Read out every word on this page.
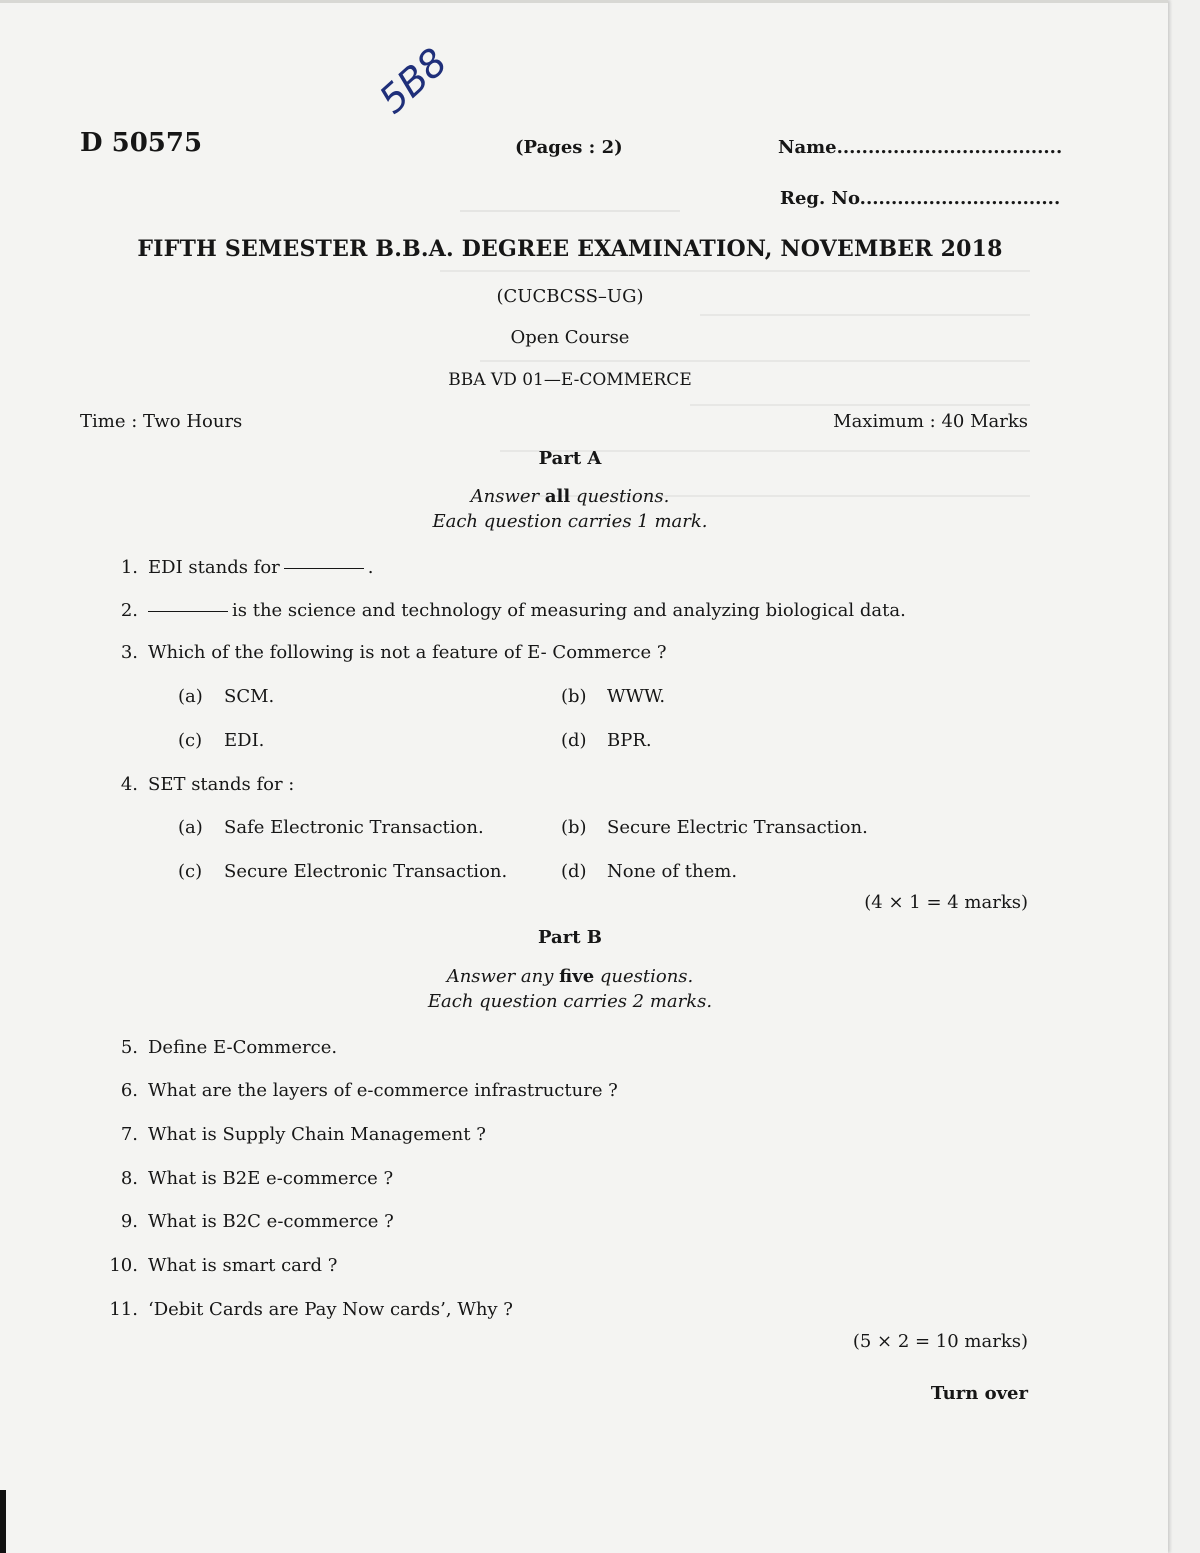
D 50575
5B8
(Pages : 2)	Name....................................
Reg. No................................
FIFTH SEMESTER B.B.A. DEGREE EXAMINATION, NOVEMBER 2018
(CUCBCSS–UG)
Open Course
BBA VD 01—E-COMMERCE
Time : Two Hours	Maximum : 40 Marks
Part A
Answer all questions.
Each question carries 1 mark.
1. EDI stands for	.
2.	is the science and technology of measuring and analyzing biological data.
3. Which of the following is not a feature of E- Commerce ?
(a) SCM.	(b) WWW.
(c) EDI.	(d) BPR.
4. SET stands for :
(a) Safe Electronic Transaction.	(b) Secure Electric Transaction.
(c) Secure Electronic Transaction.	(d) None of them.
(4 × 1 = 4 marks)
Part B
Answer any five questions.
Each question carries 2 marks.
5. Define E-Commerce.
6. What are the layers of e-commerce infrastructure ?
7. What is Supply Chain Management ?
8. What is B2E e-commerce ?
9. What is B2C e-commerce ?
10. What is smart card ?
11. ‘Debit Cards are Pay Now cards’, Why ?
(5 × 2 = 10 marks)
Turn over
